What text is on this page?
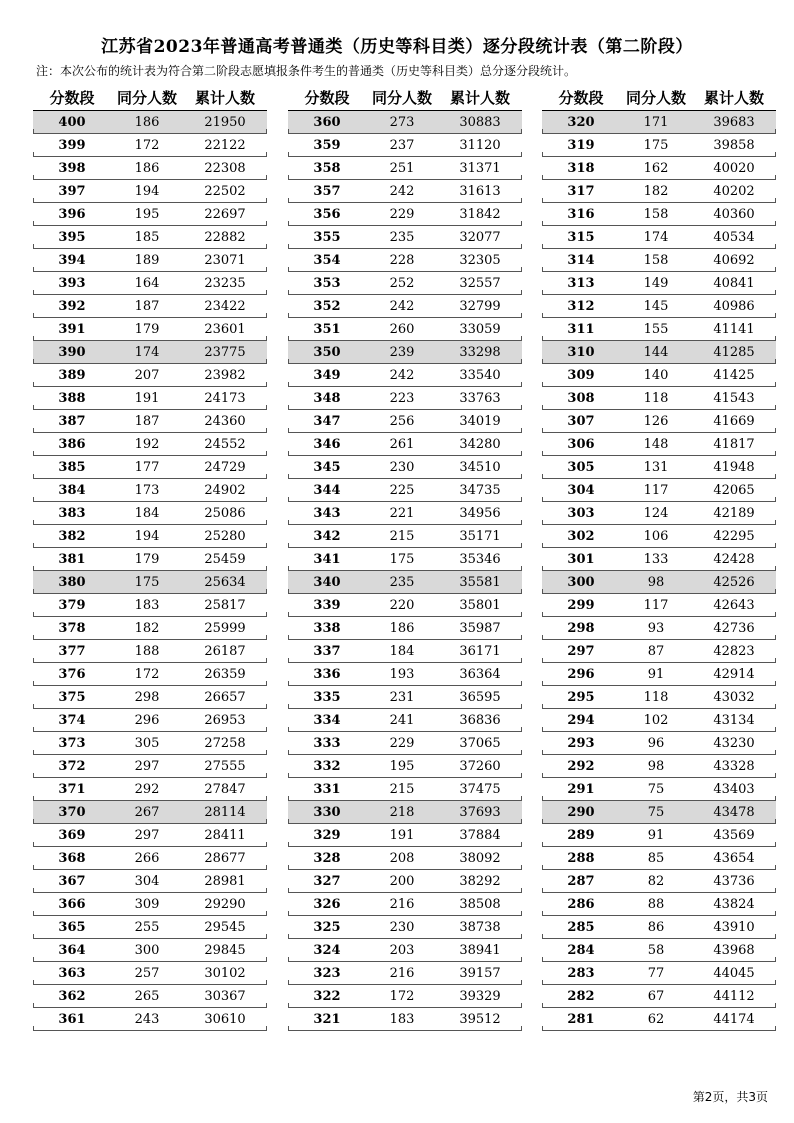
江苏省2023年普通高考普通类（历史等科目类）逐分段统计表（第二阶段）
注：本次公布的统计表为符合第二阶段志愿填报条件考生的普通类（历史等科目类）总分逐分段统计。
分数段	同分人数	累计人数
400	186	21950
399	172	22122
398	186	22308
397	194	22502
396	195	22697
395	185	22882
394	189	23071
393	164	23235
392	187	23422
391	179	23601
390	174	23775
389	207	23982
388	191	24173
387	187	24360
386	192	24552
385	177	24729
384	173	24902
383	184	25086
382	194	25280
381	179	25459
380	175	25634
379	183	25817
378	182	25999
377	188	26187
376	172	26359
375	298	26657
374	296	26953
373	305	27258
372	297	27555
371	292	27847
370	267	28114
369	297	28411
368	266	28677
367	304	28981
366	309	29290
365	255	29545
364	300	29845
363	257	30102
362	265	30367
361	243	30610
分数段	同分人数	累计人数
360	273	30883
359	237	31120
358	251	31371
357	242	31613
356	229	31842
355	235	32077
354	228	32305
353	252	32557
352	242	32799
351	260	33059
350	239	33298
349	242	33540
348	223	33763
347	256	34019
346	261	34280
345	230	34510
344	225	34735
343	221	34956
342	215	35171
341	175	35346
340	235	35581
339	220	35801
338	186	35987
337	184	36171
336	193	36364
335	231	36595
334	241	36836
333	229	37065
332	195	37260
331	215	37475
330	218	37693
329	191	37884
328	208	38092
327	200	38292
326	216	38508
325	230	38738
324	203	38941
323	216	39157
322	172	39329
321	183	39512
分数段	同分人数	累计人数
320	171	39683
319	175	39858
318	162	40020
317	182	40202
316	158	40360
315	174	40534
314	158	40692
313	149	40841
312	145	40986
311	155	41141
310	144	41285
309	140	41425
308	118	41543
307	126	41669
306	148	41817
305	131	41948
304	117	42065
303	124	42189
302	106	42295
301	133	42428
300	98	42526
299	117	42643
298	93	42736
297	87	42823
296	91	42914
295	118	43032
294	102	43134
293	96	43230
292	98	43328
291	75	43403
290	75	43478
289	91	43569
288	85	43654
287	82	43736
286	88	43824
285	86	43910
284	58	43968
283	77	44045
282	67	44112
281	62	44174
第2页，共3页
